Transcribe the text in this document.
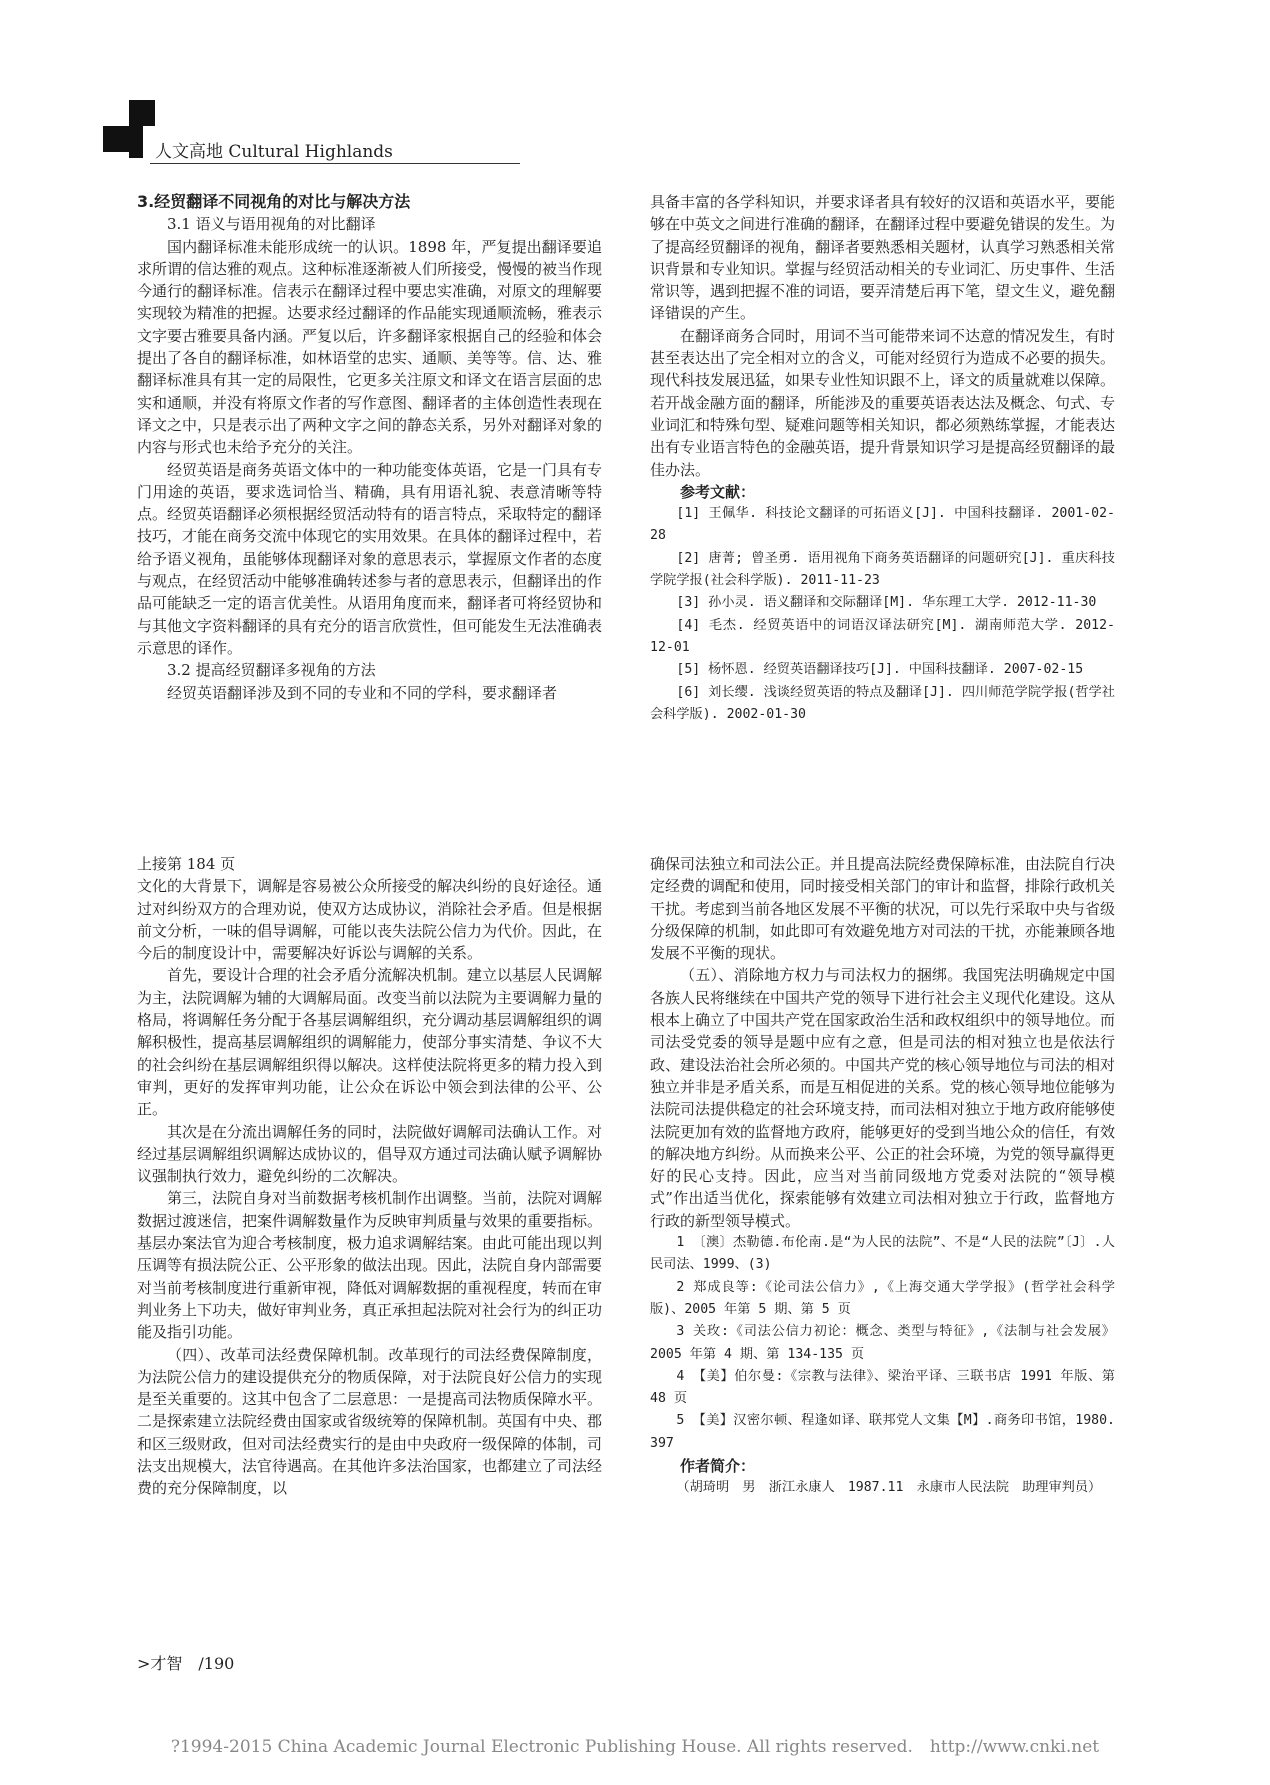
人文高地 Cultural Highlands

3.经贸翻译不同视角的对比与解决方法

3.1 语义与语用视角的对比翻译

国内翻译标准未能形成统一的认识。1898 年，严复提出翻译要追求所谓的信达雅的观点。这种标准逐渐被人们所接受，慢慢的被当作现今通行的翻译标准。信表示在翻译过程中要忠实准确，对原文的理解要实现较为精准的把握。达要求经过翻译的作品能实现通顺流畅，雅表示文字要古雅要具备内涵。严复以后，许多翻译家根据自己的经验和体会提出了各自的翻译标准，如林语堂的忠实、通顺、美等等。信、达、雅翻译标准具有其一定的局限性，它更多关注原文和译文在语言层面的忠实和通顺，并没有将原文作者的写作意图、翻译者的主体创造性表现在译文之中，只是表示出了两种文字之间的静态关系，另外对翻译对象的内容与形式也未给予充分的关注。

经贸英语是商务英语文体中的一种功能变体英语，它是一门具有专门用途的英语，要求选词恰当、精确，具有用语礼貌、表意清晰等特点。经贸英语翻译必须根据经贸活动特有的语言特点，采取特定的翻译技巧，才能在商务交流中体现它的实用效果。在具体的翻译过程中，若给予语义视角，虽能够体现翻译对象的意思表示，掌握原文作者的态度与观点，在经贸活动中能够准确转述参与者的意思表示，但翻译出的作品可能缺乏一定的语言优美性。从语用角度而来，翻译者可将经贸协和与其他文字资料翻译的具有充分的语言欣赏性，但可能发生无法准确表示意思的译作。

3.2 提高经贸翻译多视角的方法

经贸英语翻译涉及到不同的专业和不同的学科，要求翻译者

具备丰富的各学科知识，并要求译者具有较好的汉语和英语水平，要能够在中英文之间进行准确的翻译，在翻译过程中要避免错误的发生。为了提高经贸翻译的视角，翻译者要熟悉相关题材，认真学习熟悉相关常识背景和专业知识。掌握与经贸活动相关的专业词汇、历史事件、生活常识等，遇到把握不准的词语，要弄清楚后再下笔，望文生义，避免翻译错误的产生。

在翻译商务合同时，用词不当可能带来词不达意的情况发生，有时甚至表达出了完全相对立的含义，可能对经贸行为造成不必要的损失。现代科技发展迅猛，如果专业性知识跟不上，译文的质量就难以保障。若开战金融方面的翻译，所能涉及的重要英语表达法及概念、句式、专业词汇和特殊句型、疑难问题等相关知识，都必须熟练掌握，才能表达出有专业语言特色的金融英语，提升背景知识学习是提高经贸翻译的最佳办法。

参考文献：

[1] 王佩华. 科技论文翻译的可拓语义[J]. 中国科技翻译. 2001-02-28

[2] 唐菁; 曾圣勇. 语用视角下商务英语翻译的问题研究[J]. 重庆科技学院学报(社会科学版). 2011-11-23

[3] 孙小灵. 语义翻译和交际翻译[M]. 华东理工大学. 2012-11-30

[4] 毛杰. 经贸英语中的词语汉译法研究[M]. 湖南师范大学. 2012-12-01

[5] 杨怀恩. 经贸英语翻译技巧[J]. 中国科技翻译. 2007-02-15

[6] 刘长缨. 浅谈经贸英语的特点及翻译[J]. 四川师范学院学报(哲学社会科学版). 2002-01-30

上接第 184 页

文化的大背景下，调解是容易被公众所接受的解决纠纷的良好途径。通过对纠纷双方的合理劝说，使双方达成协议，消除社会矛盾。但是根据前文分析，一味的倡导调解，可能以丧失法院公信力为代价。因此，在今后的制度设计中，需要解决好诉讼与调解的关系。

首先，要设计合理的社会矛盾分流解决机制。建立以基层人民调解为主，法院调解为辅的大调解局面。改变当前以法院为主要调解力量的格局，将调解任务分配于各基层调解组织，充分调动基层调解组织的调解积极性，提高基层调解组织的调解能力，使部分事实清楚、争议不大的社会纠纷在基层调解组织得以解决。这样使法院将更多的精力投入到审判，更好的发挥审判功能，让公众在诉讼中领会到法律的公平、公正。

其次是在分流出调解任务的同时，法院做好调解司法确认工作。对经过基层调解组织调解达成协议的，倡导双方通过司法确认赋予调解协议强制执行效力，避免纠纷的二次解决。

第三，法院自身对当前数据考核机制作出调整。当前，法院对调解数据过渡迷信，把案件调解数量作为反映审判质量与效果的重要指标。基层办案法官为迎合考核制度，极力追求调解结案。由此可能出现以判压调等有损法院公正、公平形象的做法出现。因此，法院自身内部需要对当前考核制度进行重新审视，降低对调解数据的重视程度，转而在审判业务上下功夫，做好审判业务，真正承担起法院对社会行为的纠正功能及指引功能。

（四）、改革司法经费保障机制。改革现行的司法经费保障制度，为法院公信力的建设提供充分的物质保障，对于法院良好公信力的实现是至关重要的。这其中包含了二层意思：一是提高司法物质保障水平。二是探索建立法院经费由国家或省级统筹的保障机制。英国有中央、郡和区三级财政，但对司法经费实行的是由中央政府一级保障的体制，司法支出规模大，法官待遇高。在其他许多法治国家，也都建立了司法经费的充分保障制度，以

确保司法独立和司法公正。并且提高法院经费保障标准，由法院自行决定经费的调配和使用，同时接受相关部门的审计和监督，排除行政机关干扰。考虑到当前各地区发展不平衡的状况，可以先行采取中央与省级分级保障的机制，如此即可有效避免地方对司法的干扰，亦能兼顾各地发展不平衡的现状。

（五）、消除地方权力与司法权力的捆绑。我国宪法明确规定中国各族人民将继续在中国共产党的领导下进行社会主义现代化建设。这从根本上确立了中国共产党在国家政治生活和政权组织中的领导地位。而司法受党委的领导是题中应有之意，但是司法的相对独立也是依法行政、建设法治社会所必须的。中国共产党的核心领导地位与司法的相对独立并非是矛盾关系，而是互相促进的关系。党的核心领导地位能够为法院司法提供稳定的社会环境支持，而司法相对独立于地方政府能够使法院更加有效的监督地方政府，能够更好的受到当地公众的信任，有效的解决地方纠纷。从而换来公平、公正的社会环境，为党的领导赢得更好的民心支持。因此，应当对当前同级地方党委对法院的“领导模式”作出适当优化，探索能够有效建立司法相对独立于行政，监督地方行政的新型领导模式。

1 〔澳〕杰勒德.布伦南.是“为人民的法院”、不是“人民的法院”〔J〕.人民司法、1999、(3)

2 郑成良等:《论司法公信力》,《上海交通大学学报》(哲学社会科学版)、2005 年第 5 期、第 5 页

3 关玫:《司法公信力初论：概念、类型与特征》,《法制与社会发展》2005 年第 4 期、第 134-135 页

4 【美】伯尔曼:《宗教与法律》、梁治平译、三联书店 1991 年版、第 48 页

5 【美】汉密尔顿、程逢如译、联邦党人文集【M】.商务印书馆，1980. 397

作者简介：

（胡琦明　男　浙江永康人　1987.11　永康市人民法院　助理审判员）

>才智　/190
?1994-2015 China Academic Journal Electronic Publishing House. All rights reserved.　http://www.cnki.net
